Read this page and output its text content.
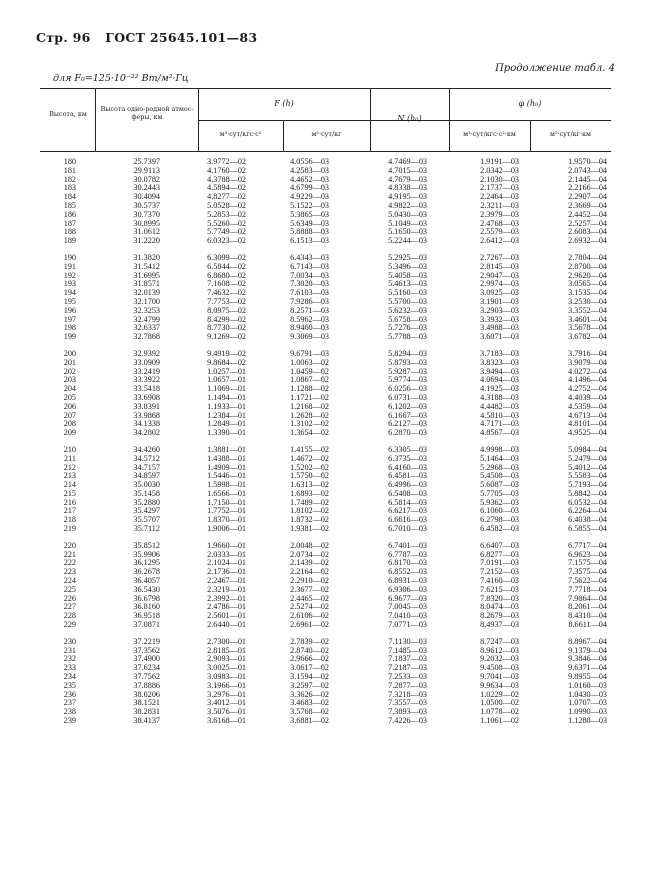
Стр. 96 ГОСТ 25645.101—83
для F₀=125·10⁻²² Вт/м²·Гц
Продолжение табл. 4
Высота, км
Высота одно-родной атмос-феры, км
F (h)
м³·сут/кгс·с²	м²·сут/кг
N (h₀)
φ (h₀)
м³·сут/кгс·с²·км	м²·сут/кг·км
180	25.7397	3.9772—02	4.0556—03	4.7469—03	1.9191—03	1.9570—04
181	29.9113	4.1760—02	4.2583—03	4.7015—03	2.0342—03	2.0743—04
182	30.0782	4.3788—02	4.4652—03	4.7679—03	2.1030—03	2.1445—04
183	30.2443	4.5894—02	4.6799—03	4.8338—03	2.1737—03	2.2166—04
184	30.4094	4.8277—02	4.9229—03	4.9195—03	2.2464—03	2.2907—04
185	30.5737	5.0528—02	5.1522—03	4.9822—03	2.3211—03	2.3669—04
186	30.7370	5.2853—02	5.3865—03	5.0430—03	2.3979—03	2.4452—04
187	30.8995	5.5260—02	5.6349—03	5.1049—03	2.4768—03	2.5257—04
188	31.0612	5.7749—02	5.8888—03	5.1650—03	2.5579—03	2.6083—04
189	31.2220	6.0323—02	6.1513—03	5.2244—03	2.6412—03	2.6932—04
190	31.3820	6.3099—02	6.4343—03	5.2925—03	2.7267—03	2.7804—04
191	31.5412	6.5844—02	6.7143—03	5.3496—03	2.8145—03	2.8700—04
192	31.6995	6.8680—02	7.0034—03	5.4058—03	2.9047—03	2.9620—04
193	31.8571	7.1608—02	7.3020—03	5.4613—03	2.9974—03	3.0565—04
194	32.0139	7.4632—02	7.6103—03	5.5160—03	3.0925—03	3.1535—04
195	32.1700	7.7753—02	7.9286—03	5.5700—03	3.1901—03	3.2530—04
196	32.3253	8.0975—02	8.2571—03	5.6232—03	3.2903—03	3.3552—04
197	32.4799	8.4299—02	8.5962—03	5.6758—03	3.3932—03	3.4601—04
198	32.6337	8.7730—02	8.9460—03	5.7276—03	3.4988—03	3.5678—04
199	32.7868	9.1269—02	9.3069—03	5.7788—03	3.6071—03	3.6782—04
200	32.9392	9.4919—02	9.6791—03	5.8294—03	3.7183—03	3.7916—04
201	33.0909	9.8684—02	1.0063—02	5.8793—03	3.8323—03	3.9079—04
202	33.2419	1.0257—01	1.0459—02	5.9287—03	3.9494—03	4.0272—04
203	33.3922	1.0657—01	1.0867—02	5.9774—03	4.0694—03	4.1496—04
204	33.5418	1.1069—01	1.1288—02	6.0256—03	4.1925—03	4.2752—04
205	33.6908	1.1494—01	1.1721—02	6.0731—03	4.3188—03	4.4039—04
206	33.8391	1.1933—01	1.2168—02	6.1202—03	4.4482—03	4.5359—04
207	33.9868	1.2384—01	1.2628—02	6.1667—03	4.5810—03	4.6713—04
208	34.1338	1.2849—01	1.3102—02	6.2127—03	4.7171—03	4.8101—04
209	34.2802	1.3390—01	1.3654—02	6.2870—03	4.8567—03	4.9525—04
210	34.4260	1.3881—01	1.4155—02	6.3305—03	4.9998—03	5.0984—04
211	34.5712	1.4388—01	1.4672—02	6.3735—03	5.1464—03	5.2479—04
212	34.7157	1.4909—01	1.5202—02	6.4160—03	5.2968—03	5.4012—04
213	34.8597	1.5446—01	1.5750—02	6.4581—03	5.4508—03	5.5583—04
214	35.0030	1.5998—01	1.6313—02	6.4996—03	5.6087—03	5.7193—04
215	35.1458	1.6566—01	1.6893—02	6.5408—03	5.7705—03	5.8842—04
216	35.2880	1.7150—01	1.7489—02	6.5814—03	5.9362—03	6.0532—04
217	35.4297	1.7752—01	1.8102—02	6.6217—03	6.1060—03	6.2264—04
218	35.5707	1.8370—01	1.8732—02	6.6616—03	6.2798—03	6.4038—04
219	35.7112	1.9006—01	1.9381—02	6.7010—03	6.4582—03	6.5855—04
220	35.8512	1.9660—01	2.0048—02	6.7401—03	6.6407—03	6.7717—04
221	35.9906	2.0333—01	2.0734—02	6.7787—03	6.8277—03	6.9623—04
222	36.1295	2.1024—01	2.1439—02	6.8170—03	7.0191—03	7.1575—04
223	36.2678	2.1736—01	2.2164—02	6.8552—03	7.2152—03	7.3575—04
224	36.4057	2.2467—01	2.2910—02	6.8931—03	7.4160—03	7.5622—04
225	36.5430	2.3219—01	2.3677—02	6.9306—03	7.6215—03	7.7718—04
226	36.6798	2.3992—01	2.4465—02	6.9677—03	7.8320—03	7.9864—04
227	36.8160	2.4786—01	2.5274—02	7.0045—03	8.0474—03	8.2061—04
228	36.9518	2.5601—01	2.6106—02	7.0410—03	8.2679—03	8.4310—04
229	37.0871	2.6440—01	2.6961—02	7.0771—03	8.4937—03	8.6611—04
230	37.2219	2.7300—01	2.7839—02	7.1130—03	8.7247—03	8.8967—04
231	37.3562	2.8185—01	2.8740—02	7.1485—03	8.9612—03	9.1379—04
232	37.4900	2.9093—01	2.9666—02	7.1837—03	9.2032—03	9.3846—04
233	37.6234	3.0025—01	3.0617—02	7.2187—03	9.4508—03	9.6371—04
234	37.7562	3.0983—01	3.1594—02	7.2533—03	9.7041—03	9.8955—04
235	37.8886	3.1966—01	3.2597—02	7.2877—03	9.9634—03	1.0160—03
236	38.0206	3.2976—01	3.3626—02	7.3218—03	1.0229—02	1.0430—03
237	38.1521	3.4012—01	3.4683—02	7.3557—03	1.0500—02	1.0707—03
238	38.2831	3.5076—01	3.5768—02	7.3893—03	1.0778—02	1.0990—03
239	38.4137	3.6168—01	3.6881—02	7.4226—03	1.1061—02	1.1280—03
